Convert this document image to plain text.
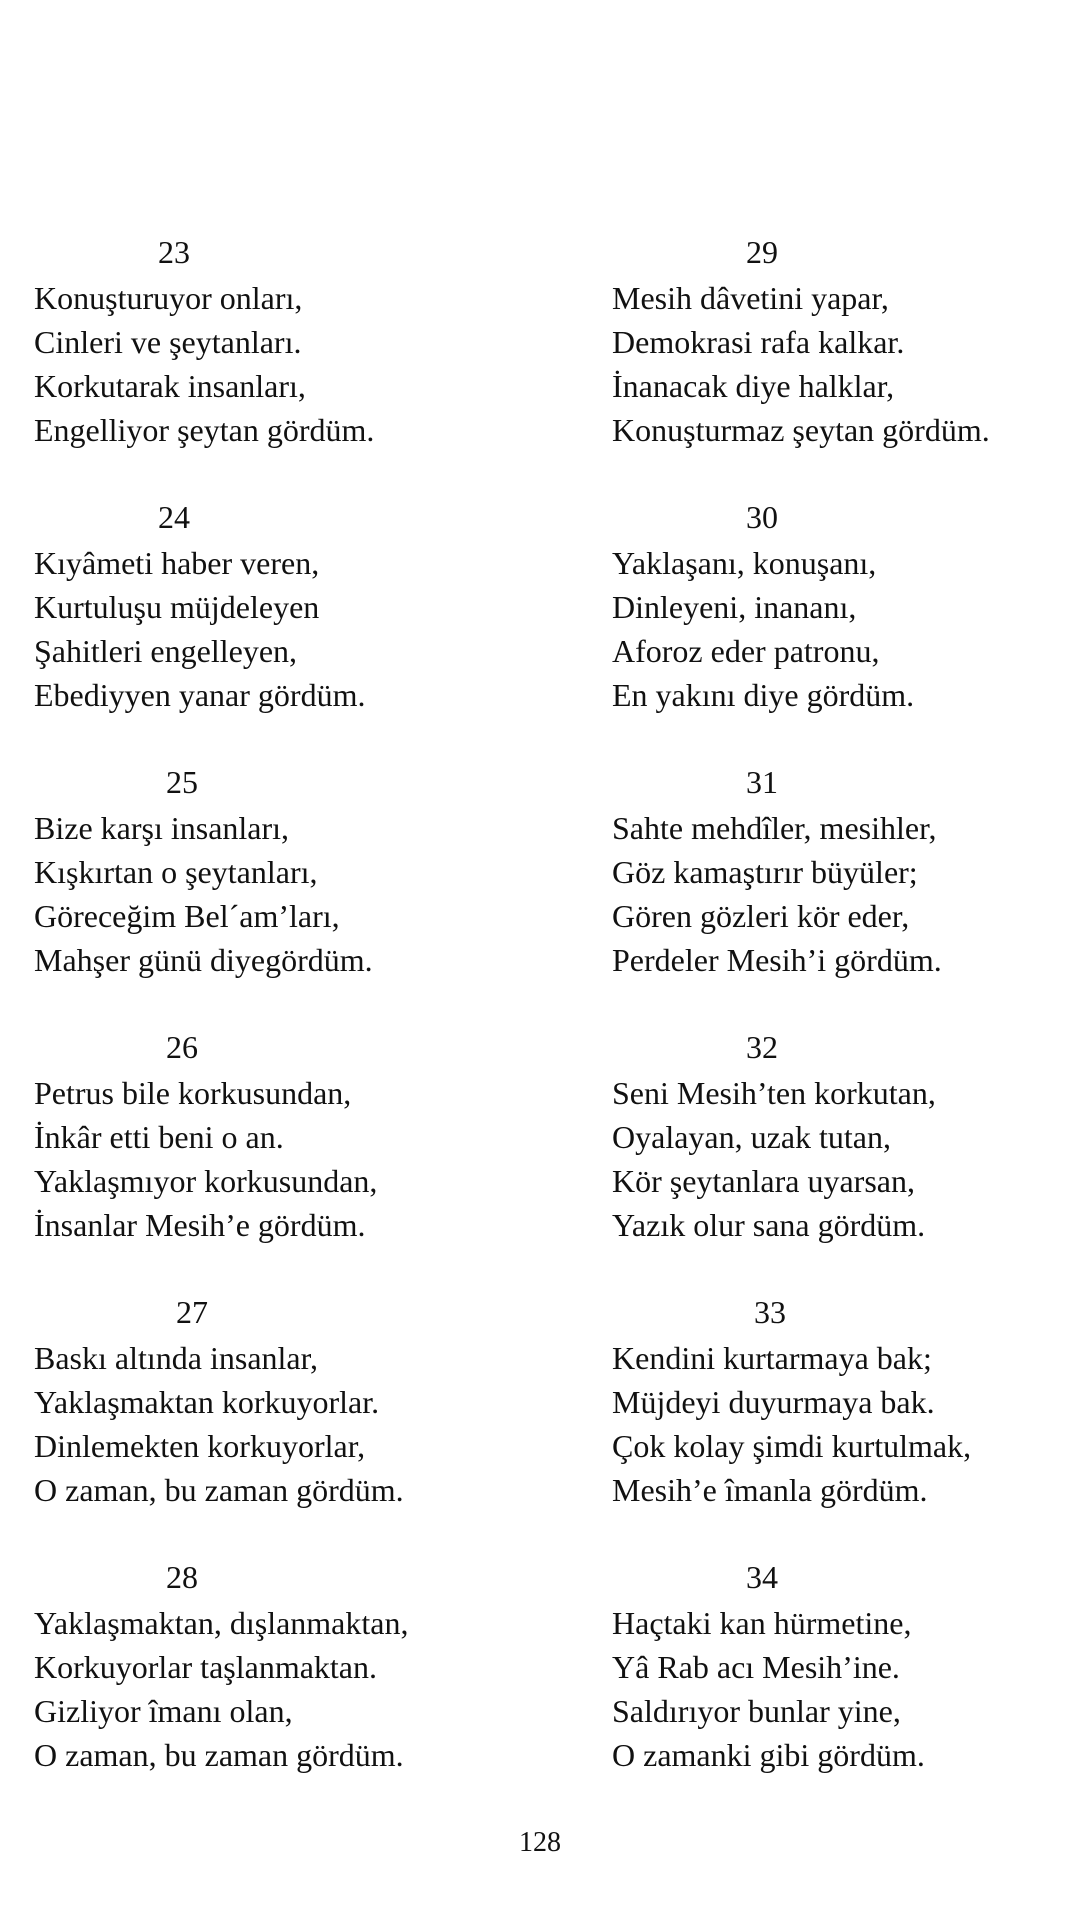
23
Konuşturuyor onları,
Cinleri ve şeytanları.
Korkutarak insanları,
Engelliyor şeytan gördüm.
24
Kıyâmeti haber veren,
Kurtuluşu müjdeleyen
Şahitleri engelleyen,
Ebediyyen yanar gördüm.
25
Bize karşı insanları,
Kışkırtan o şeytanları,
Göreceğim Bel´am’ları,
Mahşer günü diyegördüm.
26
Petrus bile korkusundan,
İnkâr etti beni o an.
Yaklaşmıyor korkusundan,
İnsanlar Mesih’e gördüm.
27
Baskı altında insanlar,
Yaklaşmaktan korkuyorlar.
Dinlemekten korkuyorlar,
O zaman, bu zaman gördüm.
28
Yaklaşmaktan, dışlanmaktan,
Korkuyorlar taşlanmaktan.
Gizliyor îmanı olan,
O zaman, bu zaman gördüm.
29
Mesih dâvetini yapar,
Demokrasi rafa kalkar.
İnanacak diye halklar,
Konuşturmaz şeytan gördüm.
30
Yaklaşanı, konuşanı,
Dinleyeni, inananı,
Aforoz eder patronu,
En yakını diye gördüm.
31
Sahte mehdîler, mesihler,
Göz kamaştırır büyüler;
Gören gözleri kör eder,
Perdeler Mesih’i gördüm.
32
Seni Mesih’ten korkutan,
Oyalayan, uzak tutan,
Kör şeytanlara uyarsan,
Yazık olur sana gördüm.
33
Kendini kurtarmaya bak;
Müjdeyi duyurmaya bak.
Çok kolay şimdi kurtulmak,
Mesih’e îmanla gördüm.
34
Haçtaki kan hürmetine,
Yâ Rab acı Mesih’ine.
Saldırıyor bunlar yine,
O zamanki gibi gördüm.
128
